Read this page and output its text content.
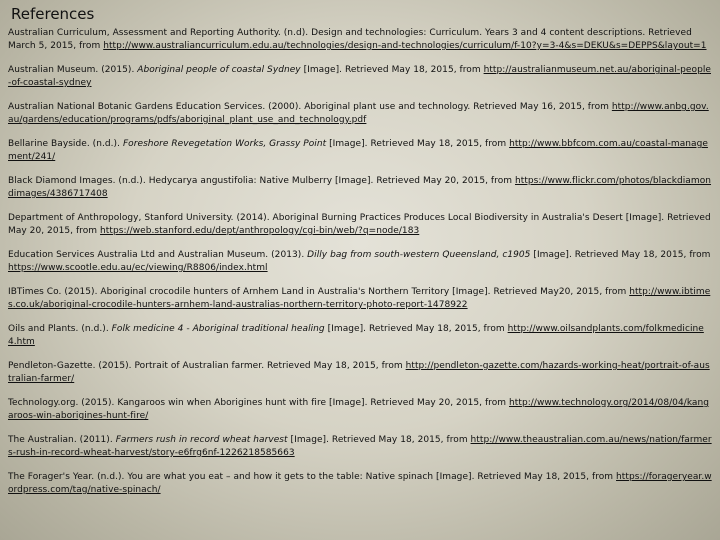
References
Australian Curriculum, Assessment and Reporting Authority. (n.d). Design and technologies: Curriculum. Years 3 and 4 content descriptions. Retrieved March 5, 2015, from http://www.australiancurriculum.edu.au/technologies/design-and-technologies/curriculum/f-10?y=3-4&s=DEKU&s=DEPPS&layout=1
Australian Museum. (2015). Aboriginal people of coastal Sydney [Image]. Retrieved May 18, 2015, from http://australianmuseum.net.au/aboriginal-people-of-coastal-sydney
Australian National Botanic Gardens Education Services. (2000). Aboriginal plant use and technology. Retrieved May 16, 2015, from http://www.anbg.gov.au/gardens/education/programs/pdfs/aboriginal_plant_use_and_technology.pdf
Bellarine Bayside. (n.d.). Foreshore Revegetation Works, Grassy Point [Image]. Retrieved May 18, 2015, from http://www.bbfcom.com.au/coastal-management/241/
Black Diamond Images. (n.d.). Hedycarya angustifolia: Native Mulberry [Image]. Retrieved May 20, 2015, from https://www.flickr.com/photos/blackdiamondimages/4386717408
Department of Anthropology, Stanford University. (2014). Aboriginal Burning Practices Produces Local Biodiversity in Australia's Desert [Image]. Retrieved May 20, 2015, from https://web.stanford.edu/dept/anthropology/cgi-bin/web/?q=node/183
Education Services Australia Ltd and Australian Museum. (2013). Dilly bag from south-western Queensland, c1905 [Image]. Retrieved May 18, 2015, from https://www.scootle.edu.au/ec/viewing/R8806/index.html
IBTimes Co. (2015). Aboriginal crocodile hunters of Arnhem Land in Australia's Northern Territory [Image]. Retrieved May20, 2015, from http://www.ibtimes.co.uk/aboriginal-crocodile-hunters-arnhem-land-australias-northern-territory-photo-report-1478922
Oils and Plants. (n.d.). Folk medicine 4 - Aboriginal traditional healing [Image]. Retrieved May 18, 2015, from http://www.oilsandplants.com/folkmedicine4.htm
Pendleton-Gazette. (2015). Portrait of Australian farmer. Retrieved May 18, 2015, from http://pendleton-gazette.com/hazards-working-heat/portrait-of-australian-farmer/
Technology.org. (2015). Kangaroos win when Aborigines hunt with fire [Image]. Retrieved May 20, 2015, from http://www.technology.org/2014/08/04/kangaroos-win-aborigines-hunt-fire/
The Australian. (2011). Farmers rush in record wheat harvest [Image]. Retrieved May 18, 2015, from http://www.theaustralian.com.au/news/nation/farmers-rush-in-record-wheat-harvest/story-e6frg6nf-1226218585663
The Forager's Year. (n.d.). You are what you eat – and how it gets to the table: Native spinach [Image]. Retrieved May 18, 2015, from https://forageryear.wordpress.com/tag/native-spinach/
